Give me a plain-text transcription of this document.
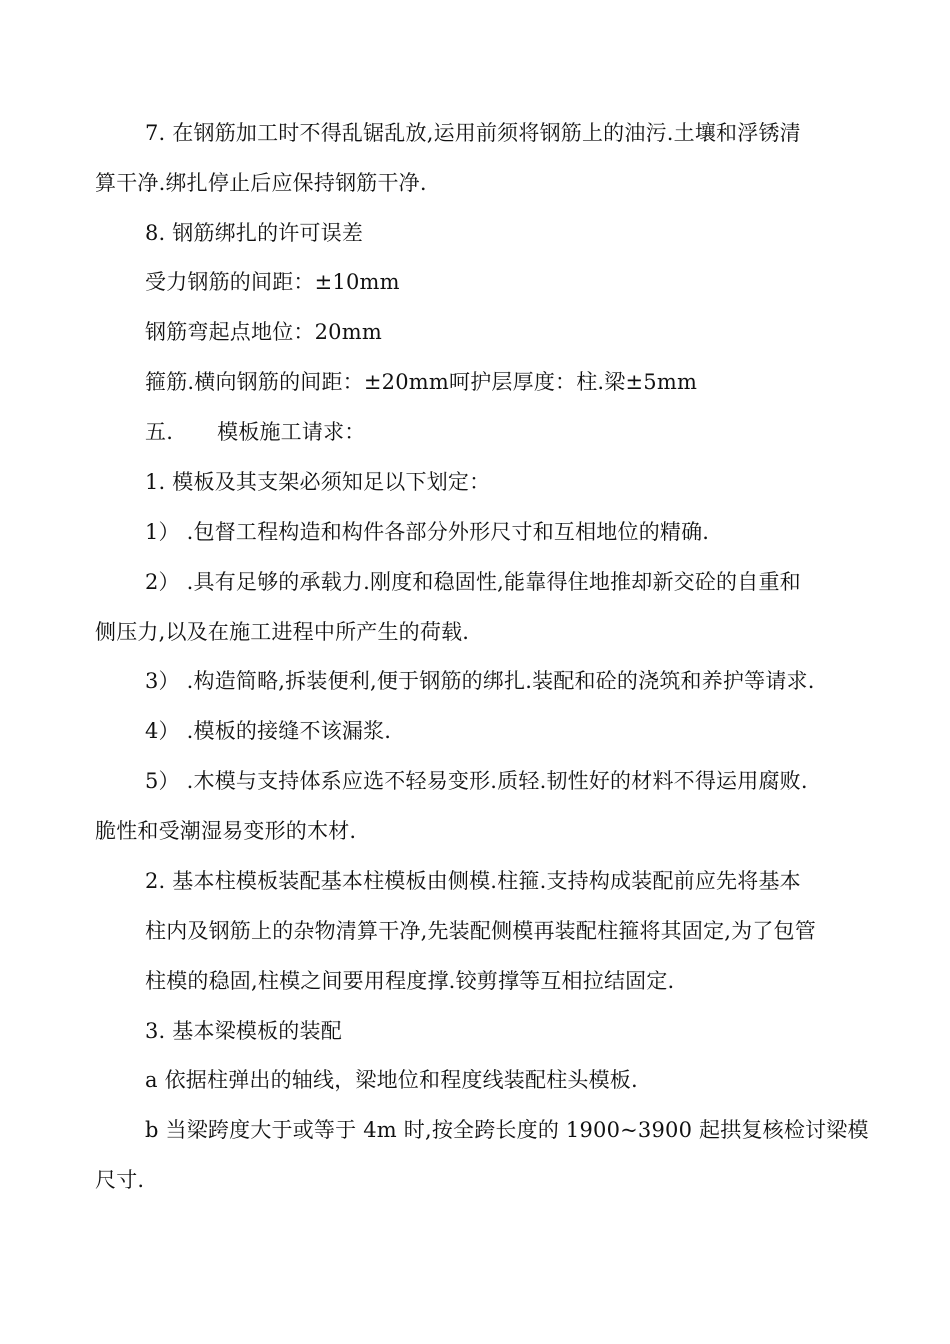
7. 在钢筋加工时不得乱锯乱放,运用前须将钢筋上的油污.土壤和浮锈清
算干净.绑扎停止后应保持钢筋干净.
8. 钢筋绑扎的许可误差
受力钢筋的间距：±10mm
钢筋弯起点地位：20mm
箍筋.横向钢筋的间距：±20mm呵护层厚度：柱.梁±5mm
五. 模板施工请求：
1. 模板及其支架必须知足以下划定：
1） .包督工程构造和构件各部分外形尺寸和互相地位的精确.
2） .具有足够的承载力.刚度和稳固性,能靠得住地推却新交砼的自重和
侧压力,以及在施工进程中所产生的荷载.
3） .构造简略,拆装便利,便于钢筋的绑扎.装配和砼的浇筑和养护等请求.
4） .模板的接缝不该漏浆.
5） .木模与支持体系应选不轻易变形.质轻.韧性好的材料不得运用腐败.
脆性和受潮湿易变形的木材.
2. 基本柱模板装配基本柱模板由侧模.柱箍.支持构成装配前应先将基本
柱内及钢筋上的杂物清算干净,先装配侧模再装配柱箍将其固定,为了包管
柱模的稳固,柱模之间要用程度撑.铰剪撑等互相拉结固定.
3. 基本梁模板的装配
a 依据柱弹出的轴线，梁地位和程度线装配柱头模板.
b 当梁跨度大于或等于 4m 时,按全跨长度的 1900~3900 起拱复核检讨梁模
尺寸.
